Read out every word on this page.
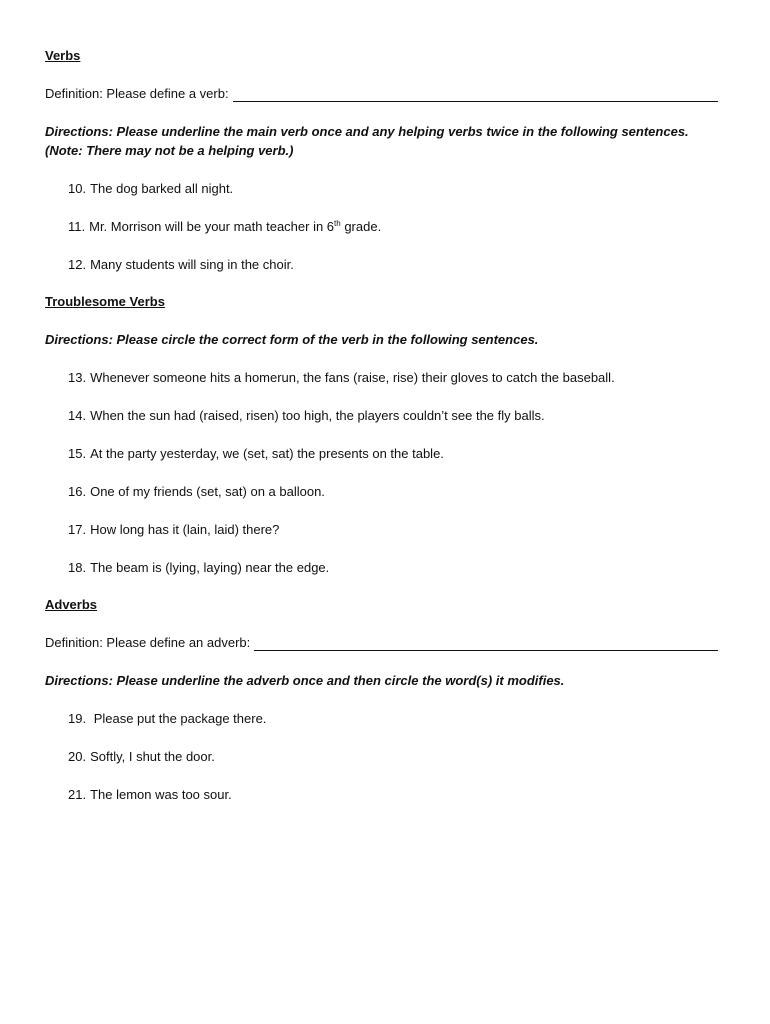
Verbs
Definition: Please define a verb:
Directions: Please underline the main verb once and any helping verbs twice in the following sentences.
(Note: There may not be a helping verb.)
10. The dog barked all night.
11. Mr. Morrison will be your math teacher in 6th grade.
12. Many students will sing in the choir.
Troublesome Verbs
Directions: Please circle the correct form of the verb in the following sentences.
13. Whenever someone hits a homerun, the fans (raise, rise) their gloves to catch the baseball.
14. When the sun had (raised, risen) too high, the players couldn’t see the fly balls.
15. At the party yesterday, we (set, sat) the presents on the table.
16. One of my friends (set, sat) on a balloon.
17. How long has it (lain, laid) there?
18. The beam is (lying, laying) near the edge.
Adverbs
Definition: Please define an adverb:
Directions: Please underline the adverb once and then circle the word(s) it modifies.
19. Please put the package there.
20. Softly, I shut the door.
21. The lemon was too sour.
